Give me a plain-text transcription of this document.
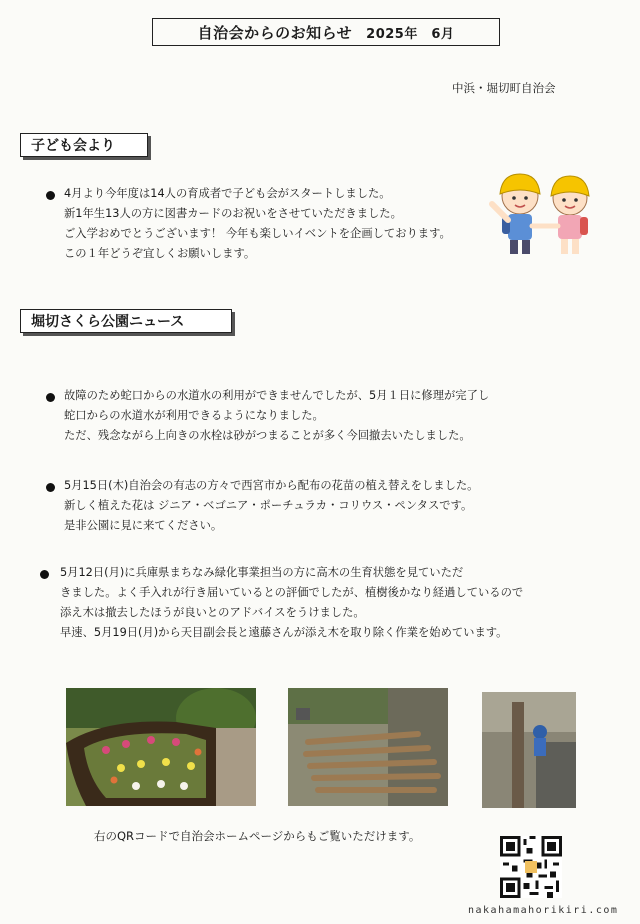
自治会からのお知らせ 2025年　6月
中浜・堀切町自治会
子ども会より
4月より今年度は14人の育成者で子ども会がスタートしました。
新1年生13人の方に図書カードのお祝いをさせていただきました。
ご入学おめでとうございます！ 今年も楽しいイベントを企画しております。
この１年どうぞ宜しくお願いします。
堀切さくら公園ニュース
故障のため蛇口からの水道水の利用ができませんでしたが、5月１日に修理が完了し
蛇口からの水道水が利用できるようになりました。
ただ、残念ながら上向きの水栓は砂がつまることが多く今回撤去いたしました。
5月15日(木)自治会の有志の方々で西宮市から配布の花苗の植え替えをしました。
新しく植えた花は ジニア・ベゴニア・ポーチュラカ・コリウス・ペンタスです。
是非公園に見に来てください。
5月12日(月)に兵庫県まちなみ緑化事業担当の方に高木の生育状態を見ていただ
きました。よく手入れが行き届いているとの評価でしたが、植樹後かなり経過しているので
添え木は撤去したほうが良いとのアドバイスをうけました。
早速、5月19日(月)から天目副会長と遠藤さんが添え木を取り除く作業を始めています。
右のQRコードで自治会ホームページからもご覧いただけます。
nakahamahorikiri.com
